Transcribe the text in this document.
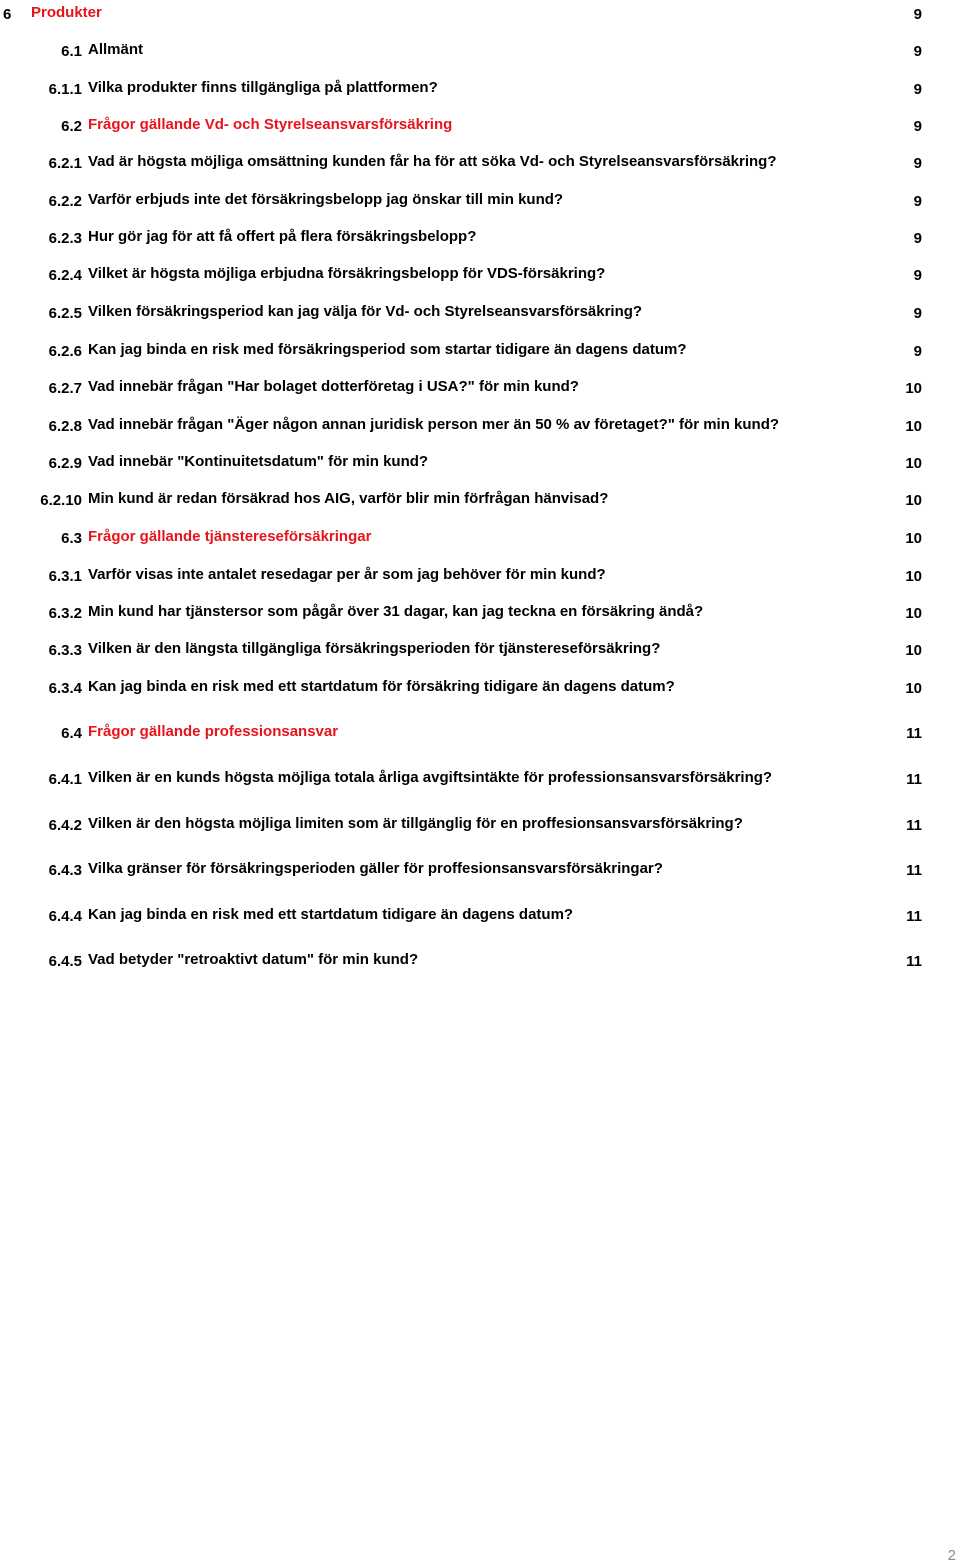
6 Produkter	9
6.1 Allmänt	9
6.1.1 Vilka produkter finns tillgängliga på plattformen?	9
6.2 Frågor gällande Vd- och Styrelseansvarsförsäkring	9
6.2.1 Vad är högsta möjliga omsättning kunden får ha för att söka Vd- och Styrelseansvarsförsäkring?	9
6.2.2 Varför erbjuds inte det försäkringsbelopp jag önskar till min kund?	9
6.2.3 Hur gör jag för att få offert på flera försäkringsbelopp?	9
6.2.4 Vilket är högsta möjliga erbjudna försäkringsbelopp för VDS-försäkring?	9
6.2.5 Vilken försäkringsperiod kan jag välja för Vd- och Styrelseansvarsförsäkring?	9
6.2.6 Kan jag binda en risk med försäkringsperiod som startar tidigare än dagens datum?	9
6.2.7 Vad innebär frågan "Har bolaget dotterföretag i USA?" för min kund?	10
6.2.8 Vad innebär frågan "Äger någon annan juridisk person mer än 50 % av företaget?" för min kund?	10
6.2.9 Vad innebär "Kontinuitetsdatum" för min kund?	10
6.2.10 Min kund är redan försäkrad hos AIG, varför blir min förfrågan hänvisad?	10
6.3 Frågor gällande tjänstereseförsäkringar	10
6.3.1 Varför visas inte antalet resedagar per år som jag behöver för min kund?	10
6.3.2 Min kund har tjänstersor som pågår över 31 dagar, kan jag teckna en försäkring ändå?	10
6.3.3 Vilken är den längsta tillgängliga försäkringsperioden för tjänstereseförsäkring?	10
6.3.4 Kan jag binda en risk med ett startdatum för försäkring tidigare än dagens datum?	10
6.4 Frågor gällande professionsansvar	11
6.4.1 Vilken är en kunds högsta möjliga totala årliga avgiftsintäkte för professionsansvarsförsäkring?	11
6.4.2 Vilken är den högsta möjliga limiten som är tillgänglig för en proffesionsansvarsförsäkring?	11
6.4.3 Vilka gränser för försäkringsperioden gäller för proffesionsansvarsförsäkringar?	11
6.4.4 Kan jag binda en risk med ett startdatum tidigare än dagens datum?	11
6.4.5 Vad betyder "retroaktivt datum" för min kund?	11
2
